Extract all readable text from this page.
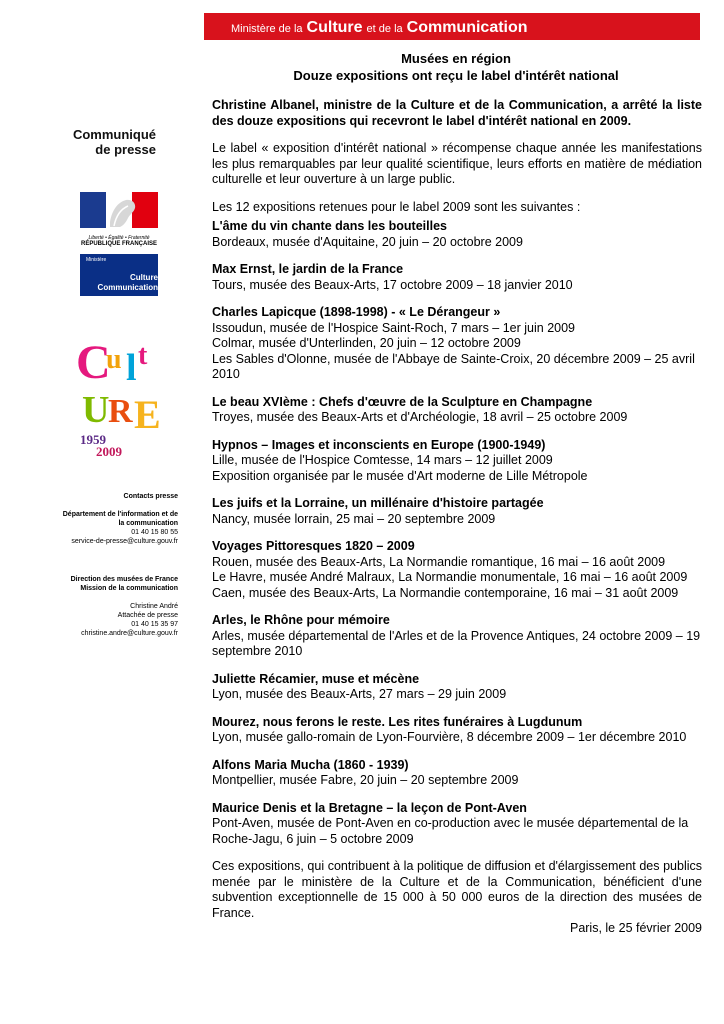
Ministère de la Culture et de la Communication
Musées en région
Douze expositions ont reçu le label d'intérêt national
Communiqué
de presse
Liberté • Égalité • Fraternité
RÉPUBLIQUE FRANÇAISE
Ministère
Culture
Communication
C
u l t
U
R E
1959
2009
Contacts presse
Département de l'information et de
la communication
01 40 15 80 55
service-de-presse@culture.gouv.fr
Direction des musées de France
Mission de la communication
Christine André
Attachée de presse
01 40 15 35 97
christine.andre@culture.gouv.fr

Christine Albanel, ministre de la Culture et de la Communication, a arrêté la liste des douze expositions qui recevront le label d'intérêt national en 2009.

Le label « exposition d'intérêt national » récompense chaque année les manifestations les plus remarquables par leur qualité scientifique, leurs efforts en matière de médiation culturelle et leur ouverture à un large public.

Les 12 expositions retenues pour le label 2009 sont les suivantes :

L'âme du vin chante dans les bouteilles
Bordeaux, musée d'Aquitaine, 20 juin – 20 octobre 2009
Max Ernst, le jardin de la France
Tours, musée des Beaux-Arts, 17 octobre 2009 – 18 janvier 2010
Charles Lapicque (1898-1998) - « Le Dérangeur »
Issoudun, musée de l'Hospice Saint-Roch, 7 mars – 1er juin 2009
Colmar, musée d'Unterlinden, 20 juin – 12 octobre 2009
Les Sables d'Olonne, musée de l'Abbaye de Sainte-Croix, 20 décembre 2009 – 25 avril 2010
Le beau XVIème : Chefs d'œuvre de la Sculpture en Champagne
Troyes, musée des Beaux-Arts et d'Archéologie, 18 avril – 25 octobre 2009
Hypnos – Images et inconscients en Europe (1900-1949)
Lille, musée de l'Hospice Comtesse, 14 mars – 12 juillet 2009
Exposition organisée par le musée d'Art moderne de Lille Métropole
Les juifs et la Lorraine, un millénaire d'histoire partagée
Nancy, musée lorrain, 25 mai – 20 septembre 2009
Voyages Pittoresques 1820 – 2009
Rouen, musée des Beaux-Arts, La Normandie romantique, 16 mai – 16 août 2009
Le Havre, musée André Malraux, La Normandie monumentale, 16 mai – 16 août 2009
Caen, musée des Beaux-Arts, La Normandie contemporaine, 16 mai – 31 août 2009
Arles, le Rhône pour mémoire
Arles, musée départemental de l'Arles et de la Provence Antiques, 24 octobre 2009 – 19 septembre 2010
Juliette Récamier, muse et mécène
Lyon, musée des Beaux-Arts, 27 mars – 29 juin 2009
Mourez, nous ferons le reste. Les rites funéraires à Lugdunum
Lyon, musée gallo-romain de Lyon-Fourvière, 8 décembre 2009 – 1er décembre 2010
Alfons Maria Mucha (1860 - 1939)
Montpellier, musée Fabre, 20 juin – 20 septembre 2009
Maurice Denis et la Bretagne – la leçon de Pont-Aven
Pont-Aven, musée de Pont-Aven en co-production avec le musée départemental de la Roche-Jagu, 6 juin – 5 octobre 2009

Ces expositions, qui contribuent à la politique de diffusion et d'élargissement des publics menée par le ministère de la Culture et de la Communication, bénéficient d'une subvention exceptionnelle de 15 000 à 50 000 euros de la direction des musées de France.

Paris, le 25 février 2009
